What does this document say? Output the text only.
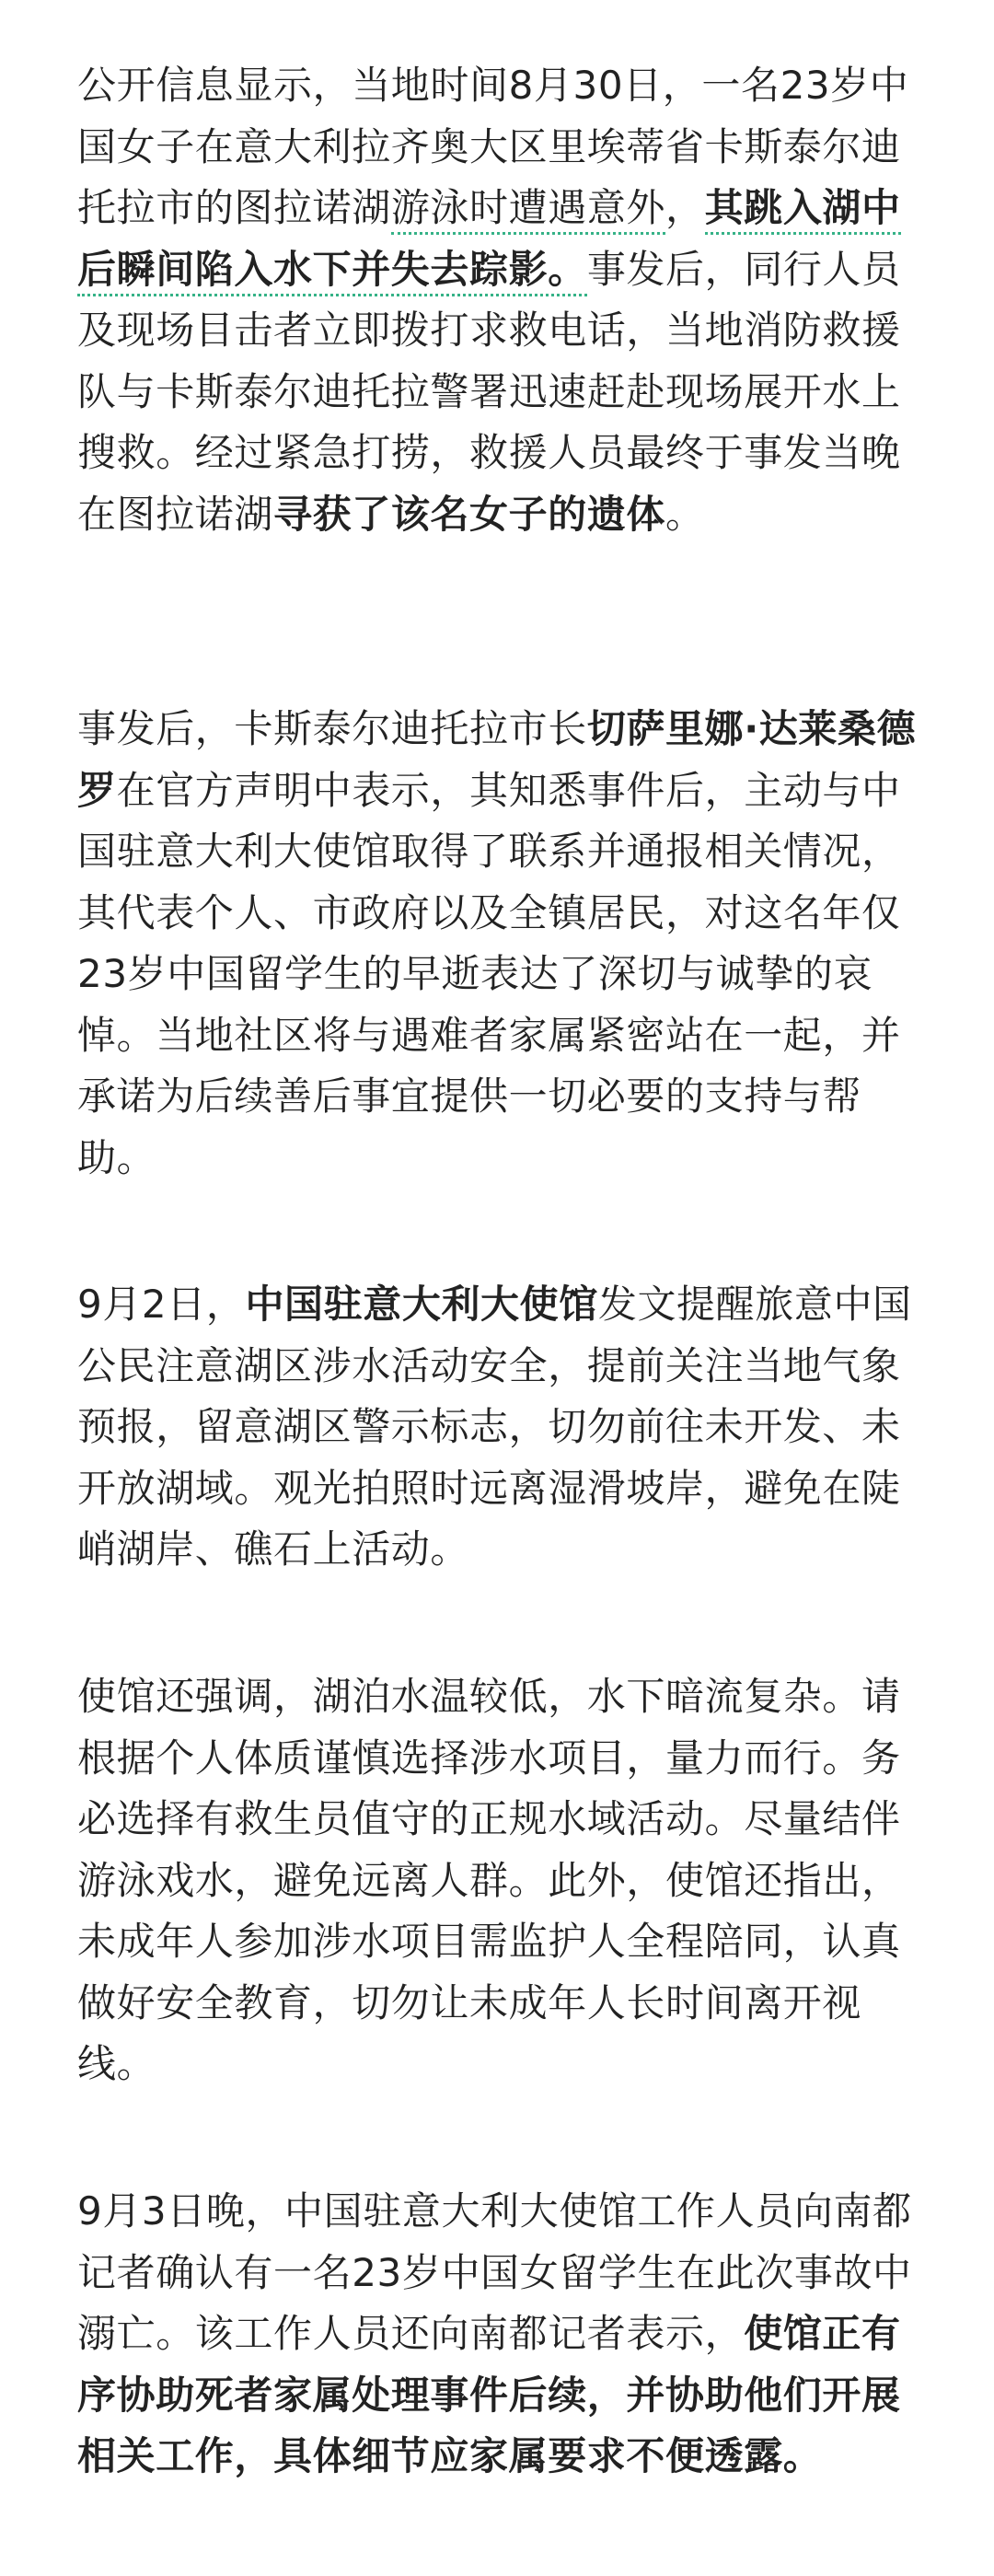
公开信息显示，当地时间8月30日，一名23岁中国女子在意大利拉齐奥大区里埃蒂省卡斯泰尔迪托拉市的图拉诺湖游泳时遭遇意外，其跳入湖中后瞬间陷入水下并失去踪影。事发后，同行人员及现场目击者立即拨打求救电话，当地消防救援队与卡斯泰尔迪托拉警署迅速赶赴现场展开水上搜救。经过紧急打捞，救援人员最终于事发当晚在图拉诺湖寻获了该名女子的遗体。

事发后，卡斯泰尔迪托拉市长切萨里娜·达莱桑德罗在官方声明中表示，其知悉事件后，主动与中国驻意大利大使馆取得了联系并通报相关情况，其代表个人、市政府以及全镇居民，对这名年仅23岁中国留学生的早逝表达了深切与诚挚的哀悼。当地社区将与遇难者家属紧密站在一起，并承诺为后续善后事宜提供一切必要的支持与帮助。

9月2日，中国驻意大利大使馆发文提醒旅意中国公民注意湖区涉水活动安全，提前关注当地气象预报，留意湖区警示标志，切勿前往未开发、未开放湖域。观光拍照时远离湿滑坡岸，避免在陡峭湖岸、礁石上活动。

使馆还强调，湖泊水温较低，水下暗流复杂。请根据个人体质谨慎选择涉水项目，量力而行。务必选择有救生员值守的正规水域活动。尽量结伴游泳戏水，避免远离人群。此外，使馆还指出，未成年人参加涉水项目需监护人全程陪同，认真做好安全教育，切勿让未成年人长时间离开视线。

9月3日晚，中国驻意大利大使馆工作人员向南都记者确认有一名23岁中国女留学生在此次事故中溺亡。该工作人员还向南都记者表示，使馆正有序协助死者家属处理事件后续，并协助他们开展相关工作，具体细节应家属要求不便透露。
